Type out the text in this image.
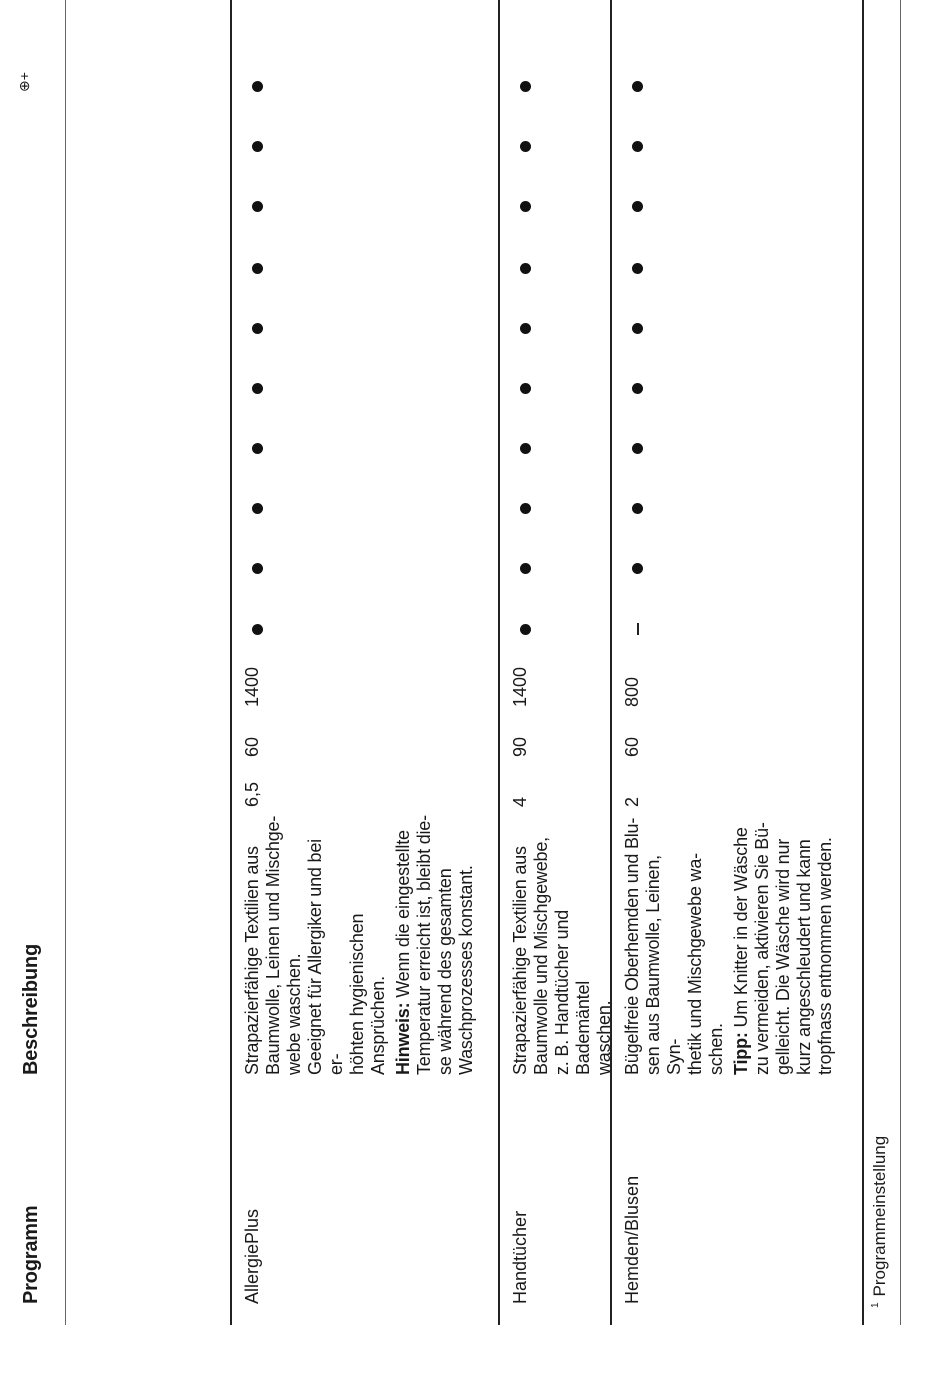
Programm
Beschreibung
⊕+
$^1$Programmeinstellung
AllergiePlus
Strapazierfähige Textilien aus Baumwolle, Leinen und Mischge- webe waschen. Geeignet für Allergiker und bei er- höhten hygienischen Ansprüchen. Hinweis: Wenn die eingestellte Temperatur erreicht ist, bleibt die- se während des gesamten Waschprozesses konstant.
6,5
60
1400
Handtücher
Strapazierfähige Textilien aus Baumwolle und Mischgewebe, z. B. Handtücher und Bademäntel waschen.
4
90
1400
Hemden/Blusen
Bügelfreie Oberhemden und Blu- sen aus Baumwolle, Leinen, Syn- thetik und Mischgewebe wa- schen. Tipp: Um Knitter in der Wäsche zu vermeiden, aktivieren Sie Bü- gelleicht. Die Wäsche wird nur kurz angeschleudert und kann tropfnass entnommen werden.
2
60
800
